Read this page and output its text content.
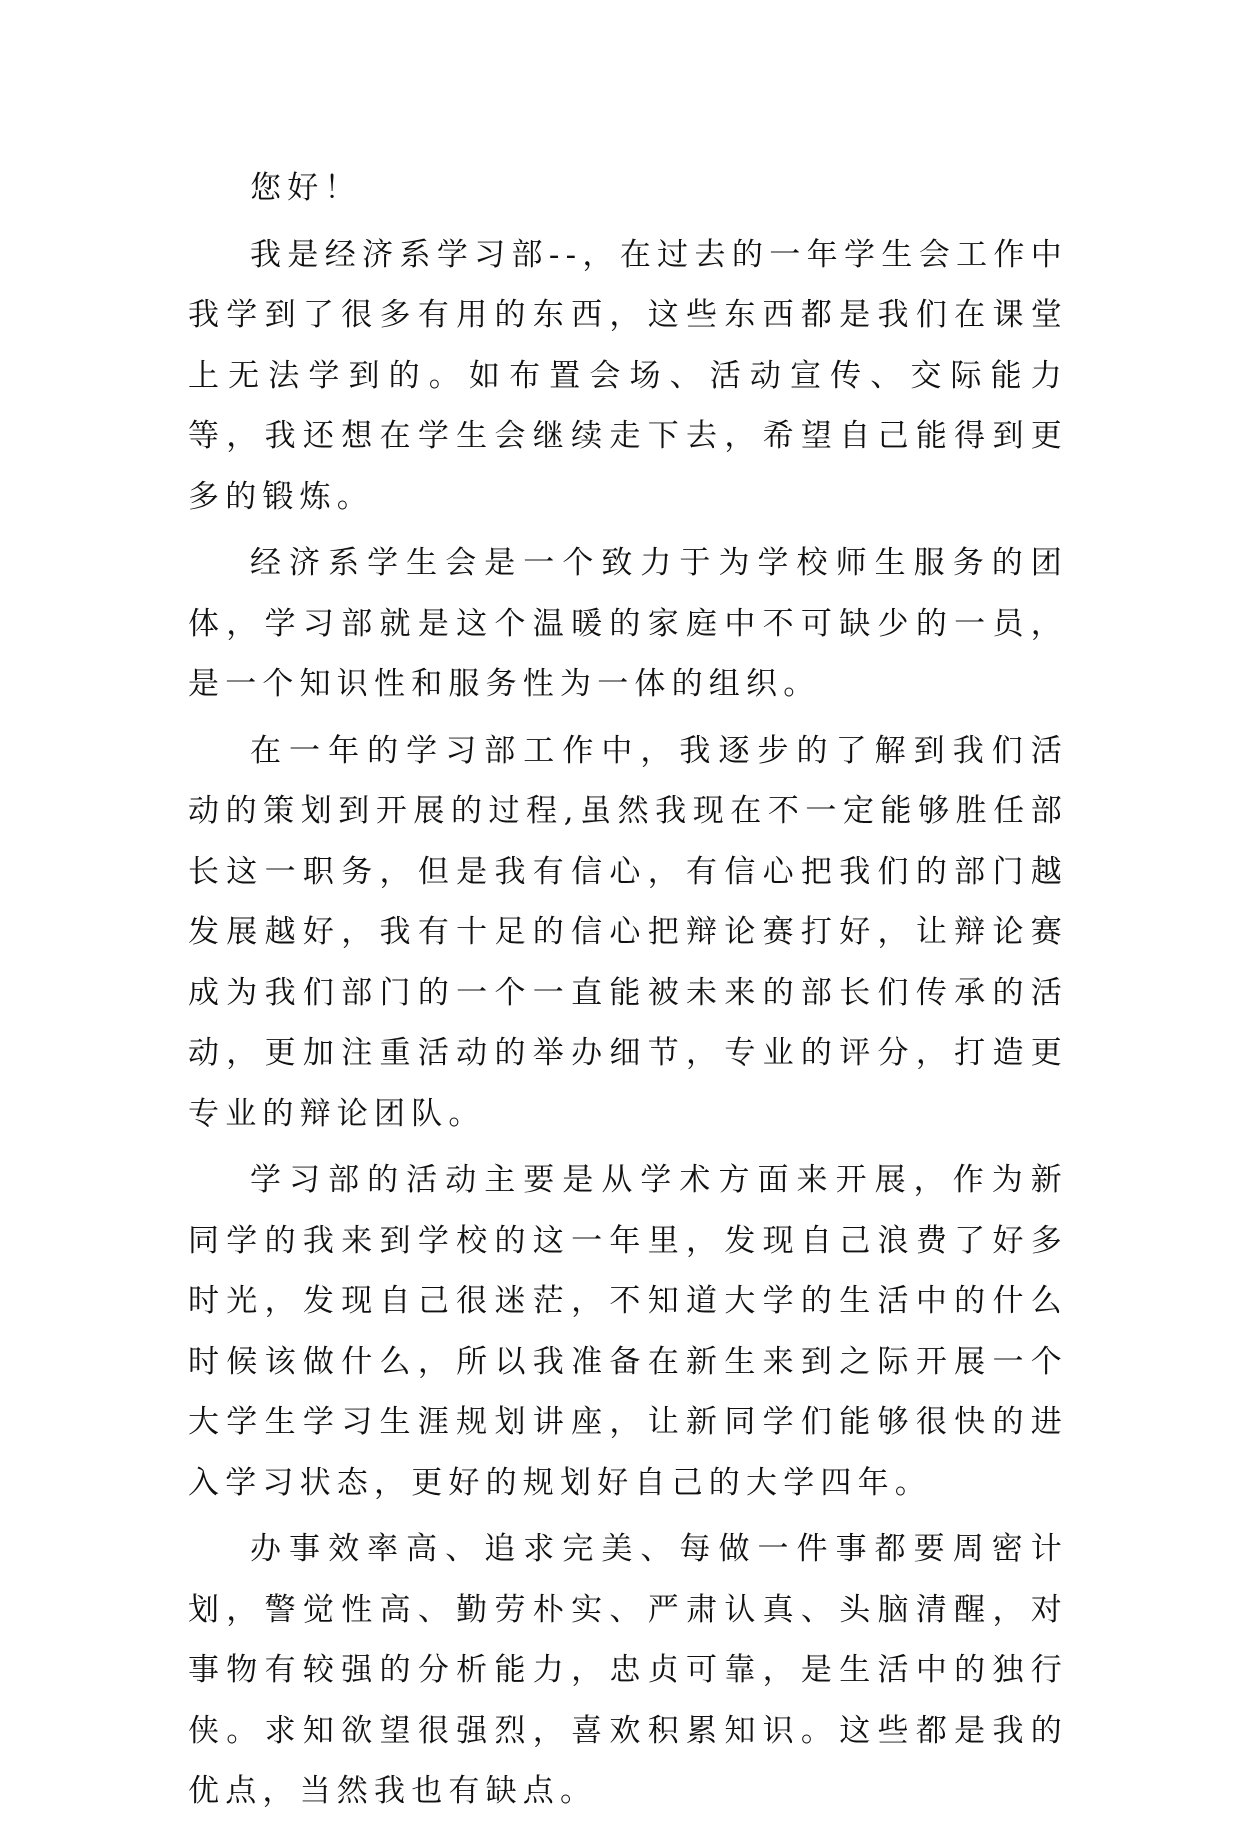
您好！

我是经济系学习部--，在过去的一年学生会工作中我学到了很多有用的东西，这些东西都是我们在课堂上无法学到的。如布置会场、活动宣传、交际能力等，我还想在学生会继续走下去，希望自己能得到更多的锻炼。

经济系学生会是一个致力于为学校师生服务的团体，学习部就是这个温暖的家庭中不可缺少的一员，是一个知识性和服务性为一体的组织。

在一年的学习部工作中，我逐步的了解到我们活动的策划到开展的过程,虽然我现在不一定能够胜任部长这一职务，但是我有信心，有信心把我们的部门越发展越好，我有十足的信心把辩论赛打好，让辩论赛成为我们部门的一个一直能被未来的部长们传承的活动，更加注重活动的举办细节，专业的评分，打造更专业的辩论团队。

学习部的活动主要是从学术方面来开展，作为新同学的我来到学校的这一年里，发现自己浪费了好多时光，发现自己很迷茫，不知道大学的生活中的什么时候该做什么，所以我准备在新生来到之际开展一个大学生学习生涯规划讲座，让新同学们能够很快的进入学习状态，更好的规划好自己的大学四年。

办事效率高、追求完美、每做一件事都要周密计划，警觉性高、勤劳朴实、严肃认真、头脑清醒，对事物有较强的分析能力，忠贞可靠，是生活中的独行侠。求知欲望很强烈，喜欢积累知识。这些都是我的优点，当然我也有缺点。
